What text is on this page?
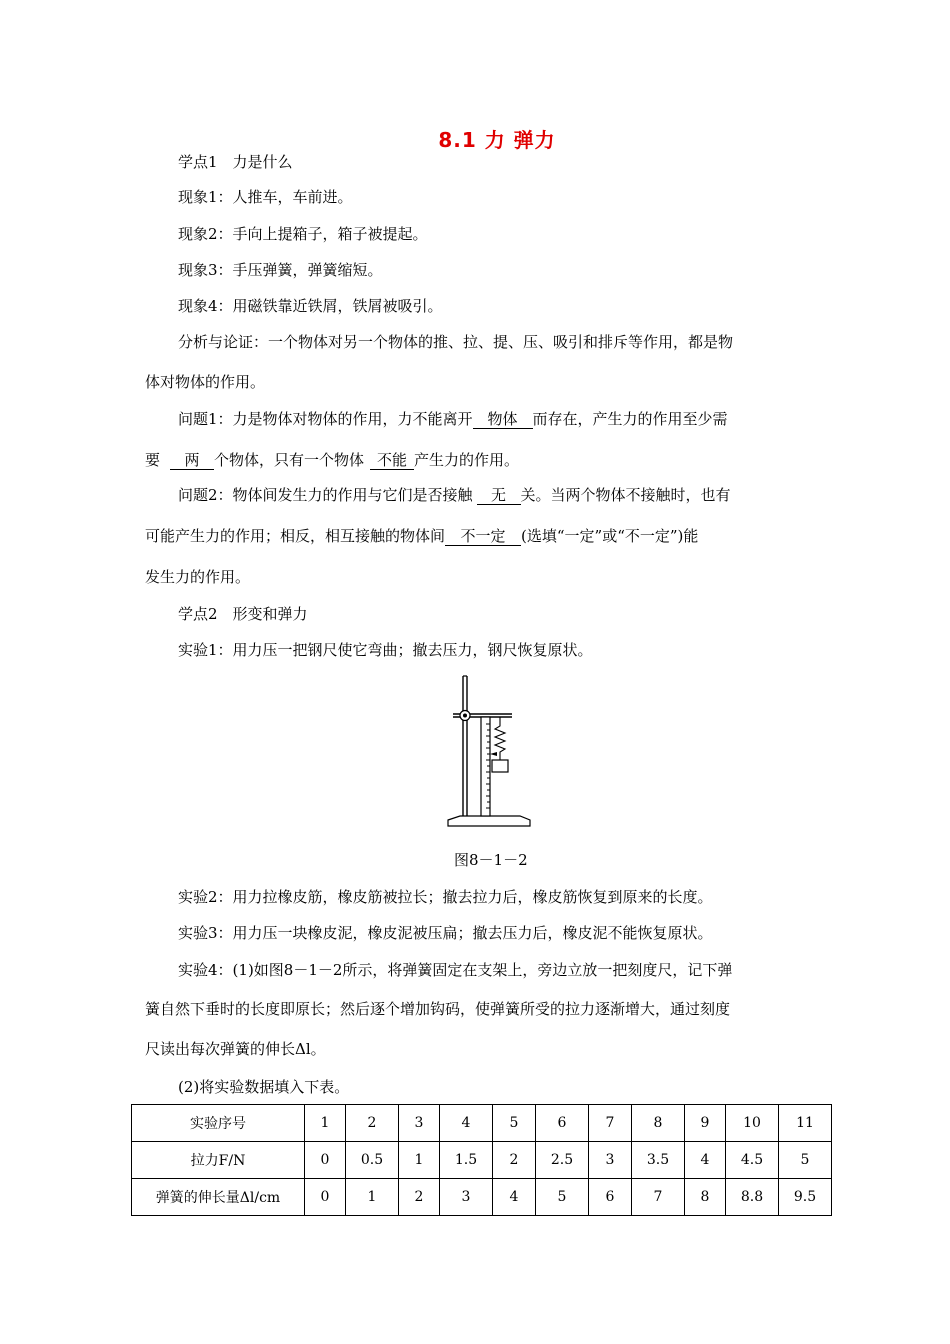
8.1 力 弹力
学点1　力是什么
现象1：人推车，车前进。
现象2：手向上提箱子，箱子被提起。
现象3：手压弹簧，弹簧缩短。
现象4：用磁铁靠近铁屑，铁屑被吸引。
分析与论证：一个物体对另一个物体的推、拉、提、压、吸引和排斥等作用，都是物
体对物体的作用。
问题1：力是物体对物体的作用，力不能离开 物体 而存在，产生力的作用至少需
要 两 个物体，只有一个物体 不能 产生力的作用。
问题2：物体间发生力的作用与它们是否接触 无 关。当两个物体不接触时，也有
可能产生力的作用；相反，相互接触的物体间 不一定 (选填“一定”或“不一定”)能
发生力的作用。
学点2　形变和弹力
实验1：用力压一把钢尺使它弯曲；撤去压力，钢尺恢复原状。
图8－1－2
实验2：用力拉橡皮筋，橡皮筋被拉长；撤去拉力后，橡皮筋恢复到原来的长度。
实验3：用力压一块橡皮泥，橡皮泥被压扁；撤去压力后，橡皮泥不能恢复原状。
实验4：(1)如图8－1－2所示，将弹簧固定在支架上，旁边立放一把刻度尺，记下弹
簧自然下垂时的长度即原长；然后逐个增加钩码，使弹簧所受的拉力逐渐增大，通过刻度
尺读出每次弹簧的伸长Δl。
(2)将实验数据填入下表。
实验序号	1	2	3	4	5	6	7	8	9	10	11
拉力F/N	0	0.5	1	1.5	2	2.5	3	3.5	4	4.5	5
弹簧的伸长量Δl/cm	0	1	2	3	4	5	6	7	8	8.8	9.5
